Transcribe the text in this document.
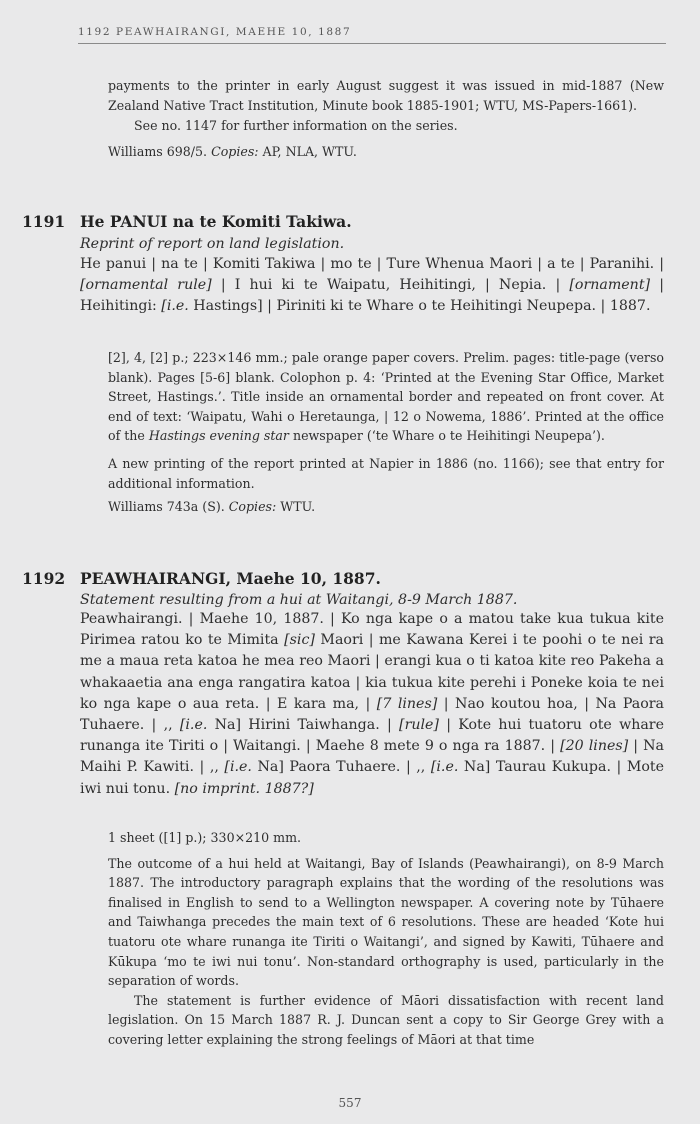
1192 PEAWHAIRANGI, MAEHE 10, 1887

payments to the printer in early August suggest it was issued in mid-1887 (New Zealand Native Tract Institution, Minute book 1885-1901; WTU, MS-Papers-1661).

See no. 1147 for further information on the series.

Williams 698/5. Copies: AP, NLA, WTU.

1191 He PANUI na te Komiti Takiwa.
Reprint of report on land legislation.

He panui | na te | Komiti Takiwa | mo te | Ture Whenua Maori | a te | Paranihi. | [ornamental rule] | I hui ki te Waipatu, Heihitingi, | Nepia. | [ornament] | Heihitingi: [i.e. Hastings] | Piriniti ki te Whare o te Heihitingi Neupepa. | 1887.

[2], 4, [2] p.; 223×146 mm.; pale orange paper covers. Prelim. pages: title-page (verso blank). Pages [5-6] blank. Colophon p. 4: ‘Printed at the Evening Star Office, Market Street, Hastings.’. Title inside an ornamental border and repeated on front cover. At end of text: ‘Waipatu, Wahi o Heretaunga, | 12 o Nowema, 1886’. Printed at the office of the Hastings evening star newspaper (‘te Whare o te Heihitingi Neupepa’).

A new printing of the report printed at Napier in 1886 (no. 1166); see that entry for additional information.

Williams 743a (S). Copies: WTU.

1192 PEAWHAIRANGI, Maehe 10, 1887.
Statement resulting from a hui at Waitangi, 8-9 March 1887.

Peawhairangi. | Maehe 10, 1887. | Ko nga kape o a matou take kua tukua kite Pirimea ratou ko te Mimita [sic] Maori | me Kawana Kerei i te poohi o te nei ra me a maua reta katoa he mea reo Maori | erangi kua o ti katoa kite reo Pakeha a whakaaetia ana enga rangatira katoa | kia tukua kite perehi i Poneke koia te nei ko nga kape o aua reta. | E kara ma, | [7 lines] | Nao koutou hoa, | Na Paora Tuhaere. | ,, [i.e. Na] Hirini Taiwhanga. | [rule] | Kote hui tuatoru ote whare runanga ite Tiriti o | Waitangi. | Maehe 8 mete 9 o nga ra 1887. | [20 lines] | Na Maihi P. Kawiti. | ,, [i.e. Na] Paora Tuhaere. | ,, [i.e. Na] Taurau Kukupa. | Mote iwi nui tonu. [no imprint. 1887?]

1 sheet ([1] p.); 330×210 mm.

The outcome of a hui held at Waitangi, Bay of Islands (Peawhairangi), on 8-9 March 1887. The introductory paragraph explains that the wording of the resolutions was finalised in English to send to a Wellington newspaper. A covering note by Tūhaere and Taiwhanga precedes the main text of 6 resolutions. These are headed ‘Kote hui tuatoru ote whare runanga ite Tiriti o Waitangi’, and signed by Kawiti, Tūhaere and Kūkupa ‘mo te iwi nui tonu’. Non-standard orthography is used, particularly in the separation of words.

The statement is further evidence of Māori dissatisfaction with recent land legislation. On 15 March 1887 R. J. Duncan sent a copy to Sir George Grey with a covering letter explaining the strong feelings of Māori at that time

557
